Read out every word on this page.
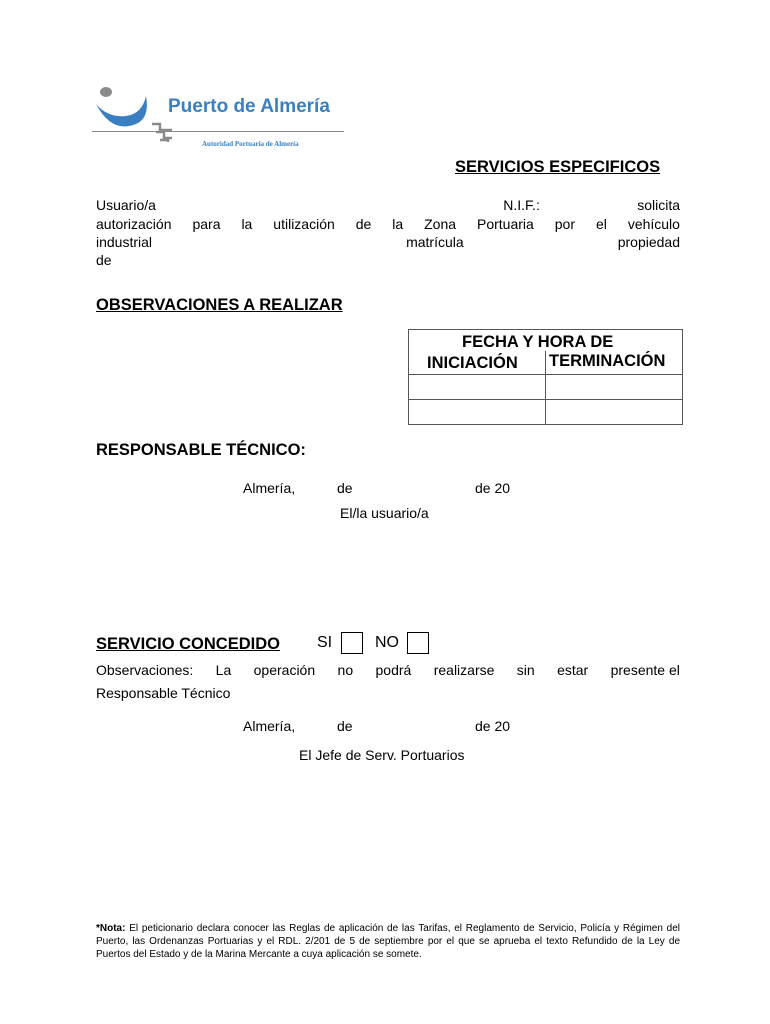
Puerto de Almería
Autoridad Portuaria de Almería
SERVICIOS ESPECIFICOS
Usuario/a	N.I.F.:	solicita
autorización para la utilización de la Zona Portuaria por el vehículo
industrial	matrícula	propiedad
de
OBSERVACIONES A REALIZAR
FECHA Y HORA DE
INICIACIÓN TERMINACIÓN	

RESPONSABLE TÉCNICO:
Almería,	de	de 20
El/la usuario/a
SERVICIO CONCEDIDO SI	NO
Observaciones: La operación no podrá realizarse sin estar presente el
Responsable Técnico
Almería,	de	de 20
El Jefe de Serv. Portuarios
*Nota: El peticionario declara conocer las Reglas de aplicación de las Tarifas, el Reglamento de Servicio, Policía y Régimen del Puerto, las Ordenanzas Portuarias y el RDL. 2/201 de 5 de septiembre por el que se aprueba el texto Refundido de la Ley de Puertos del Estado y de la Marina Mercante a cuya aplicación se somete.
